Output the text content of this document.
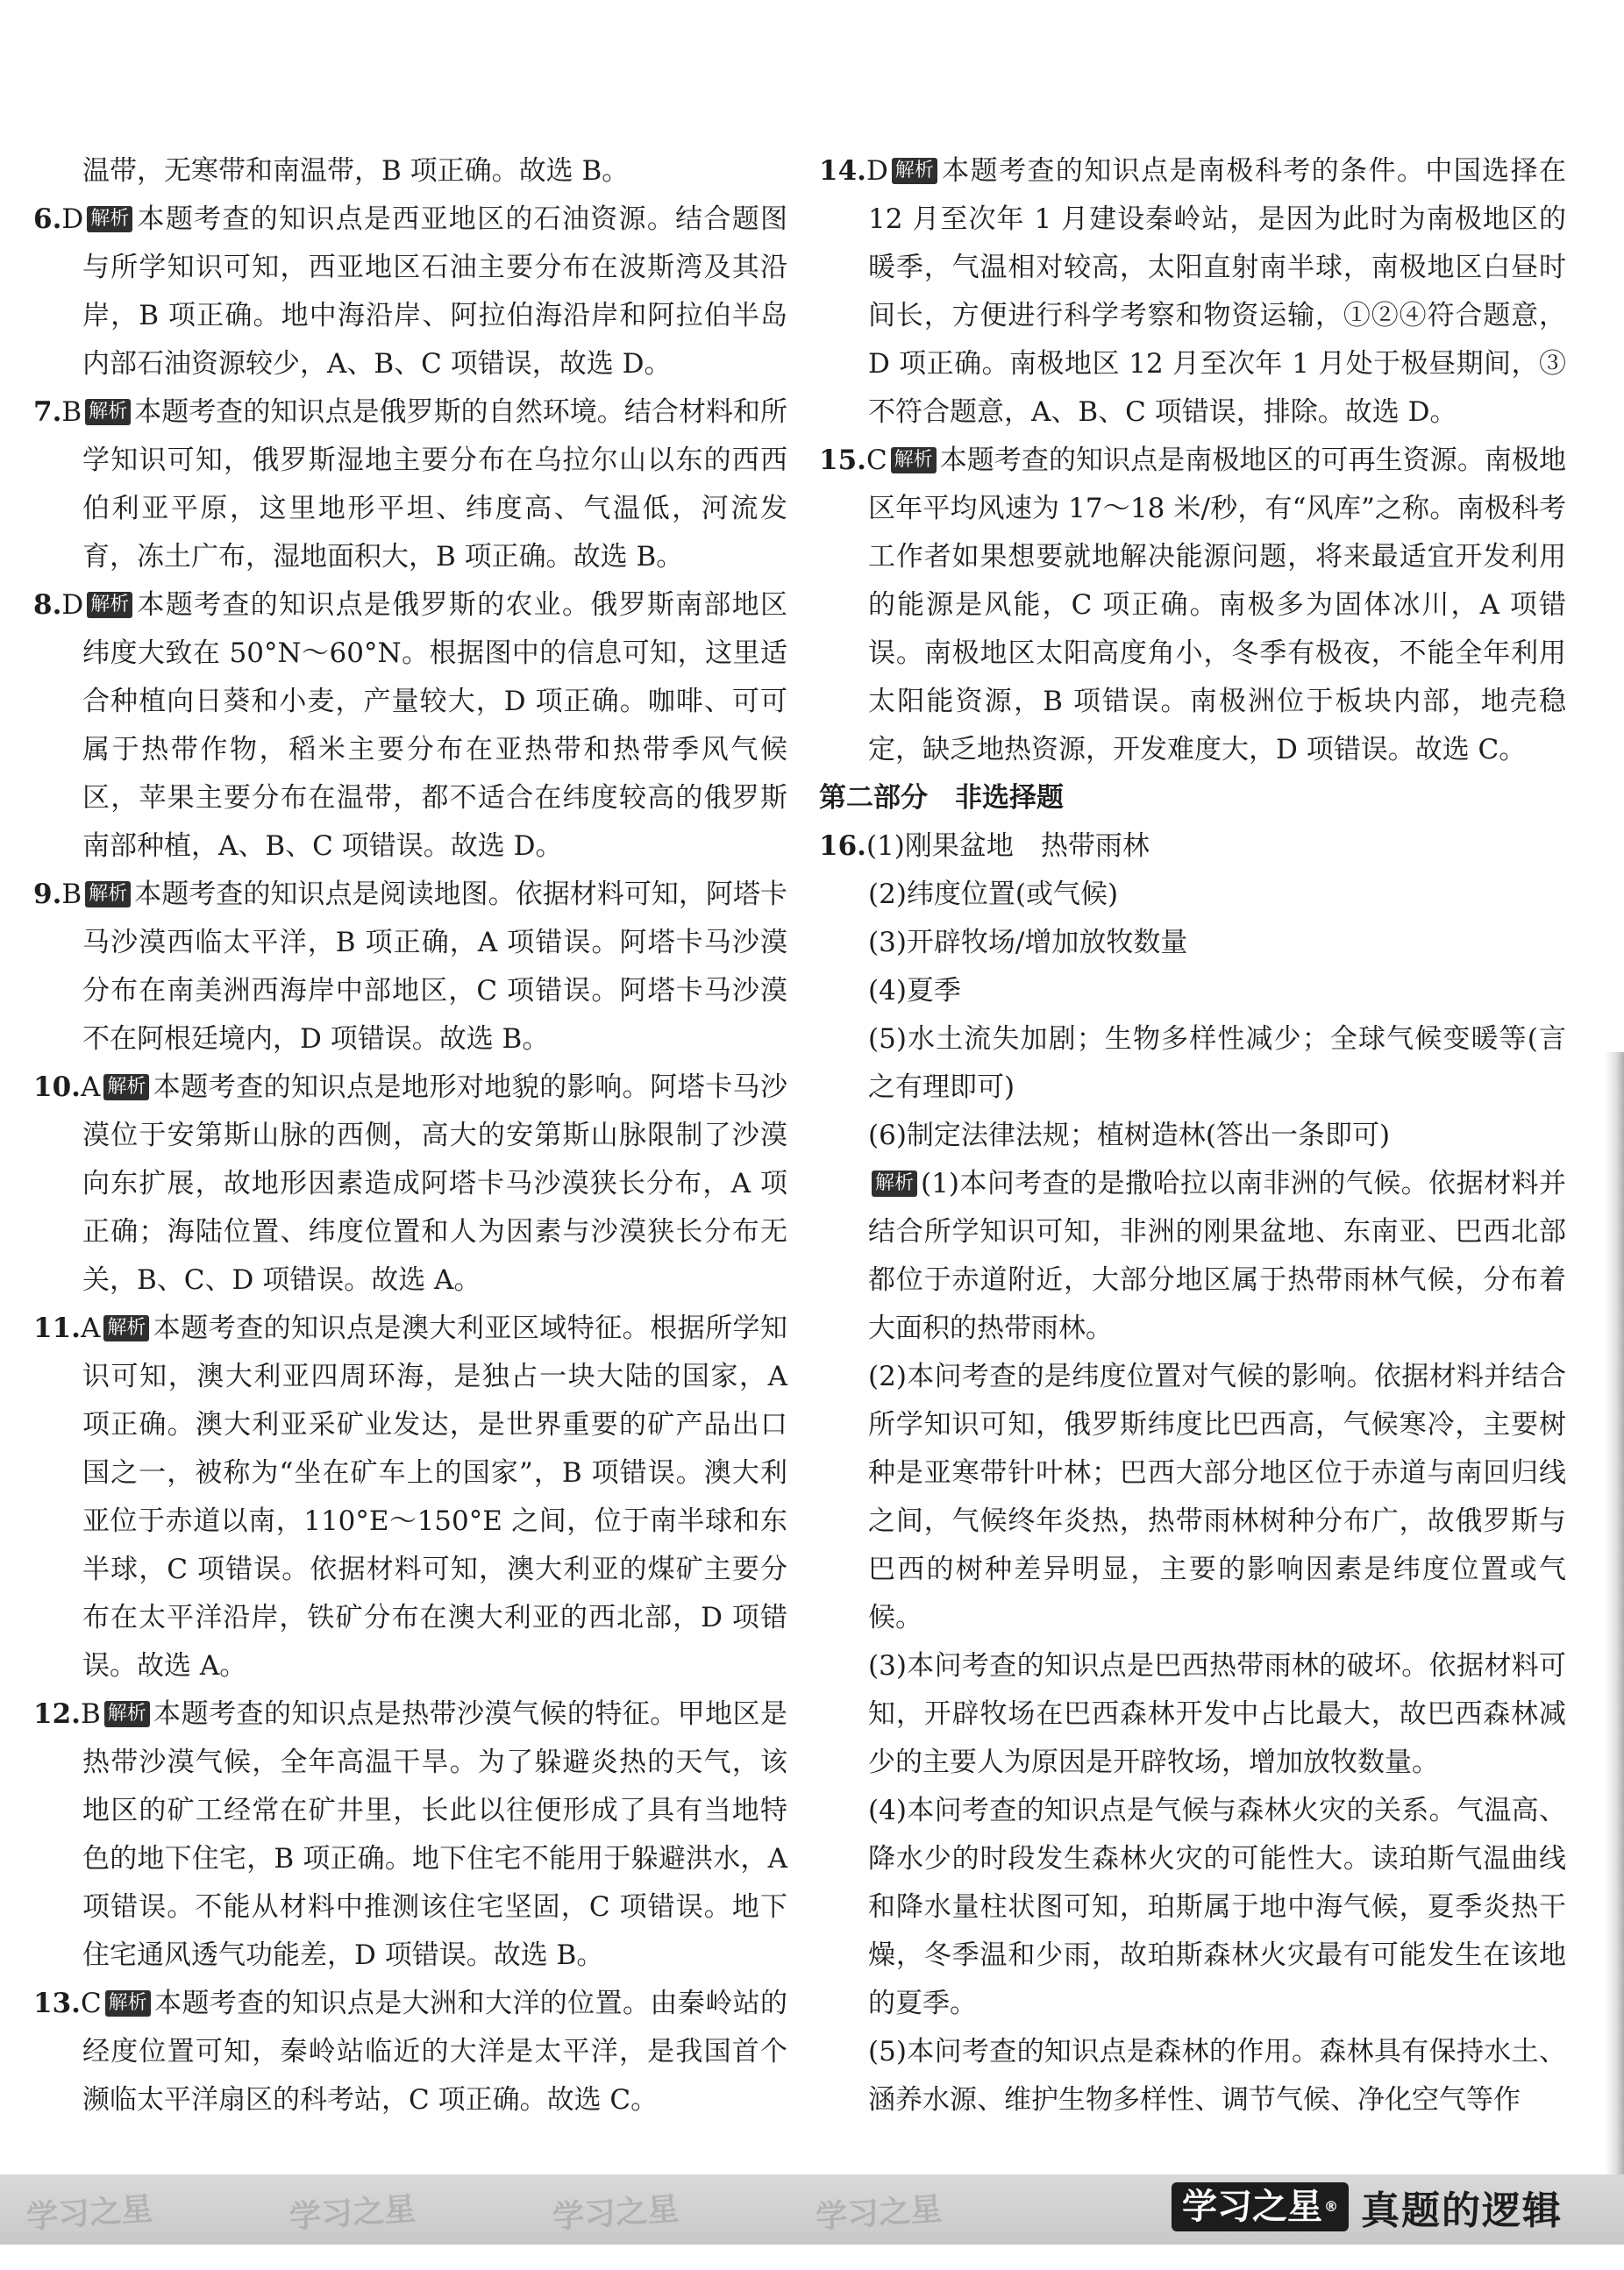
温带，无寒带和南温带，B 项正确。故选 B。

6.D 解析 本题考查的知识点是西亚地区的石油资源。结合题图与所学知识可知，西亚地区石油主要分布在波斯湾及其沿岸，B 项正确。地中海沿岸、阿拉伯海沿岸和阿拉伯半岛内部石油资源较少，A、B、C 项错误，故选 D。

7.B 解析 本题考查的知识点是俄罗斯的自然环境。结合材料和所学知识可知，俄罗斯湿地主要分布在乌拉尔山以东的西西伯利亚平原，这里地形平坦、纬度高、气温低，河流发育，冻土广布，湿地面积大，B 项正确。故选 B。

8.D 解析 本题考查的知识点是俄罗斯的农业。俄罗斯南部地区纬度大致在 50°N～60°N。根据图中的信息可知，这里适合种植向日葵和小麦，产量较大，D 项正确。咖啡、可可属于热带作物，稻米主要分布在亚热带和热带季风气候区，苹果主要分布在温带，都不适合在纬度较高的俄罗斯南部种植，A、B、C 项错误。故选 D。

9.B 解析 本题考查的知识点是阅读地图。依据材料可知，阿塔卡马沙漠西临太平洋，B 项正确，A 项错误。阿塔卡马沙漠分布在南美洲西海岸中部地区，C 项错误。阿塔卡马沙漠不在阿根廷境内，D 项错误。故选 B。

10.A 解析 本题考查的知识点是地形对地貌的影响。阿塔卡马沙漠位于安第斯山脉的西侧，高大的安第斯山脉限制了沙漠向东扩展，故地形因素造成阿塔卡马沙漠狭长分布，A 项正确；海陆位置、纬度位置和人为因素与沙漠狭长分布无关，B、C、D 项错误。故选 A。

11.A 解析 本题考查的知识点是澳大利亚区域特征。根据所学知识可知，澳大利亚四周环海，是独占一块大陆的国家，A 项正确。澳大利亚采矿业发达，是世界重要的矿产品出口国之一，被称为“坐在矿车上的国家”，B 项错误。澳大利亚位于赤道以南，110°E～150°E 之间，位于南半球和东半球，C 项错误。依据材料可知，澳大利亚的煤矿主要分布在太平洋沿岸，铁矿分布在澳大利亚的西北部，D 项错误。故选 A。

12.B 解析 本题考查的知识点是热带沙漠气候的特征。甲地区是热带沙漠气候，全年高温干旱。为了躲避炎热的天气，该地区的矿工经常在矿井里，长此以往便形成了具有当地特色的地下住宅，B 项正确。地下住宅不能用于躲避洪水，A 项错误。不能从材料中推测该住宅坚固，C 项错误。地下住宅通风透气功能差，D 项错误。故选 B。

13.C 解析 本题考查的知识点是大洲和大洋的位置。由秦岭站的经度位置可知，秦岭站临近的大洋是太平洋，是我国首个濒临太平洋扇区的科考站，C 项正确。故选 C。

14.D 解析 本题考查的知识点是南极科考的条件。中国选择在 12 月至次年 1 月建设秦岭站，是因为此时为南极地区的暖季，气温相对较高，太阳直射南半球，南极地区白昼时间长，方便进行科学考察和物资运输，①②④符合题意，D 项正确。南极地区 12 月至次年 1 月处于极昼期间，③不符合题意，A、B、C 项错误，排除。故选 D。

15.C 解析 本题考查的知识点是南极地区的可再生资源。南极地区年平均风速为 17～18 米/秒，有“风库”之称。南极科考工作者如果想要就地解决能源问题，将来最适宜开发利用的能源是风能，C 项正确。南极多为固体冰川，A 项错误。南极地区太阳高度角小，冬季有极夜，不能全年利用太阳能资源，B 项错误。南极洲位于板块内部，地壳稳定，缺乏地热资源，开发难度大，D 项错误。故选 C。

第二部分　非选择题

16.(1)刚果盆地　热带雨林

(2)纬度位置(或气候)

(3)开辟牧场/增加放牧数量

(4)夏季

(5)水土流失加剧；生物多样性减少；全球气候变暖等(言之有理即可)

(6)制定法律法规；植树造林(答出一条即可)

解析 (1)本问考查的是撒哈拉以南非洲的气候。依据材料并结合所学知识可知，非洲的刚果盆地、东南亚、巴西北部都位于赤道附近，大部分地区属于热带雨林气候，分布着大面积的热带雨林。

(2)本问考查的是纬度位置对气候的影响。依据材料并结合所学知识可知，俄罗斯纬度比巴西高，气候寒冷，主要树种是亚寒带针叶林；巴西大部分地区位于赤道与南回归线之间，气候终年炎热，热带雨林树种分布广，故俄罗斯与巴西的树种差异明显，主要的影响因素是纬度位置或气候。

(3)本问考查的知识点是巴西热带雨林的破坏。依据材料可知，开辟牧场在巴西森林开发中占比最大，故巴西森林减少的主要人为原因是开辟牧场，增加放牧数量。

(4)本问考查的知识点是气候与森林火灾的关系。气温高、降水少的时段发生森林火灾的可能性大。读珀斯气温曲线和降水量柱状图可知，珀斯属于地中海气候，夏季炎热干燥，冬季温和少雨，故珀斯森林火灾最有可能发生在该地的夏季。

(5)本问考查的知识点是森林的作用。森林具有保持水土、涵养水源、维护生物多样性、调节气候、净化空气等作

学习之星	学习之星	学习之星	学习之星	学习之星 ® 真题的逻辑
